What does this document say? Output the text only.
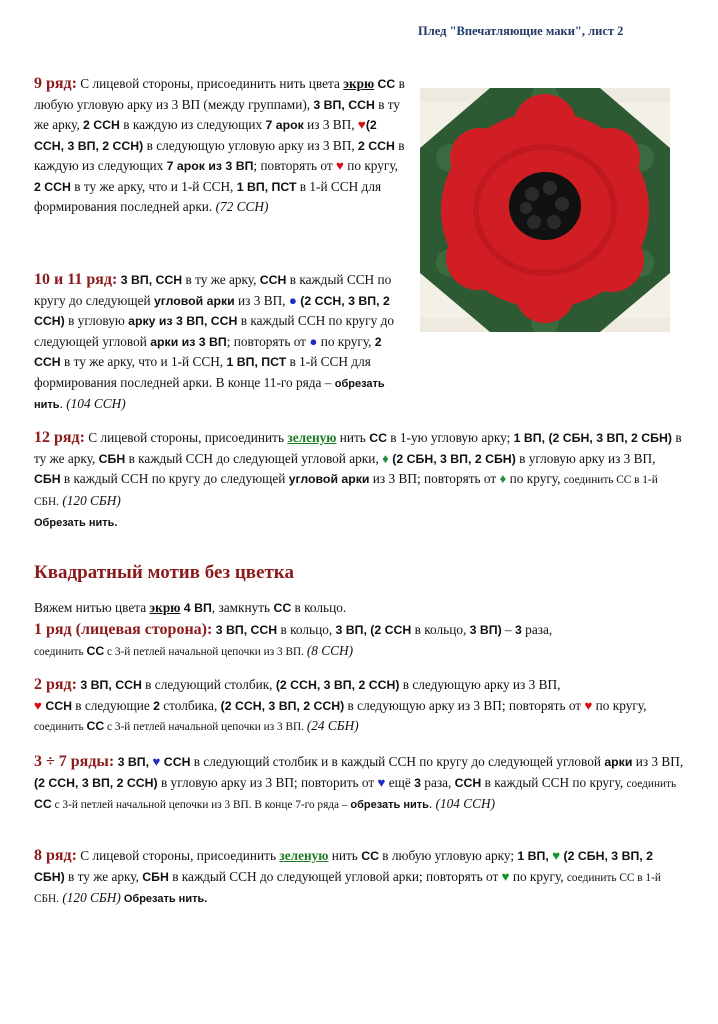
Плед "Впечатляющие маки", лист 2

9 ряд: С лицевой стороны, присоединить нить цвета экрю СС в любую угловую арку из 3 ВП (между группами), 3 ВП, ССН в ту же арку, 2 ССН в каждую из следующих 7 арок из 3 ВП, ♥(2 ССН, 3 ВП, 2 ССН) в следующую угловую арку из 3 ВП, 2 ССН в каждую из следующих 7 арок из 3 ВП; повторять от ♥ по кругу, 2 ССН в ту же арку, что и 1-й ССН, 1 ВП, ПСТ в 1-й ССН для формирования последней арки. (72 ССН)

10 и 11 ряд: 3 ВП, ССН в ту же арку, ССН в каждый ССН по кругу до следующей угловой арки из 3 ВП, ● (2 ССН, 3 ВП, 2 ССН) в угловую арку из 3 ВП, ССН в каждый ССН по кругу до следующей угловой арки из 3 ВП; повторять от ● по кругу, 2 ССН в ту же арку, что и 1-й ССН, 1 ВП, ПСТ в 1-й ССН для формирования последней арки. В конце 11-го ряда – обрезать нить. (104 ССН)

12 ряд: С лицевой стороны, присоединить зеленую нить СС в 1-ую угловую арку; 1 ВП, (2 СБН, 3 ВП, 2 СБН) в ту же арку, СБН в каждый ССН до следующей угловой арки, ♦ (2 СБН, 3 ВП, 2 СБН) в угловую арку из 3 ВП, СБН в каждый ССН по кругу до следующей угловой арки из 3 ВП; повторять от ♦ по кругу, соединить СС в 1-й СБН. (120 СБН)
Обрезать нить.

Квадратный мотив без цветка

Вяжем нитью цвета экрю 4 ВП, замкнуть СС в кольцо.

1 ряд (лицевая сторона): 3 ВП, ССН в кольцо, 3 ВП, (2 ССН в кольцо, 3 ВП) – 3 раза,
соединить СС с 3-й петлей начальной цепочки из 3 ВП. (8 ССН)

2 ряд: 3 ВП, ССН в следующий столбик, (2 ССН, 3 ВП, 2 ССН) в следующую арку из 3 ВП,
♥ ССН в следующие 2 столбика, (2 ССН, 3 ВП, 2 ССН) в следующую арку из 3 ВП; повторять от ♥ по кругу, соединить СС с 3-й петлей начальной цепочки из 3 ВП. (24 СБН)

3 ÷ 7 ряды: 3 ВП, ♥ ССН в следующий столбик и в каждый ССН по кругу до следующей угловой арки из 3 ВП, (2 ССН, 3 ВП, 2 ССН) в угловую арку из 3 ВП; повторить от ♥ ещё 3 раза, ССН в каждый ССН по кругу, соединить СС с 3-й петлей начальной цепочки из 3 ВП. В конце 7-го ряда – обрезать нить. (104 ССН)

8 ряд: С лицевой стороны, присоединить зеленую нить СС в любую угловую арку; 1 ВП, ♥ (2 СБН, 3 ВП, 2 СБН) в ту же арку, СБН в каждый ССН до следующей угловой арки; повторять от ♥ по кругу, соединить СС в 1-й СБН. (120 СБН) Обрезать нить.
